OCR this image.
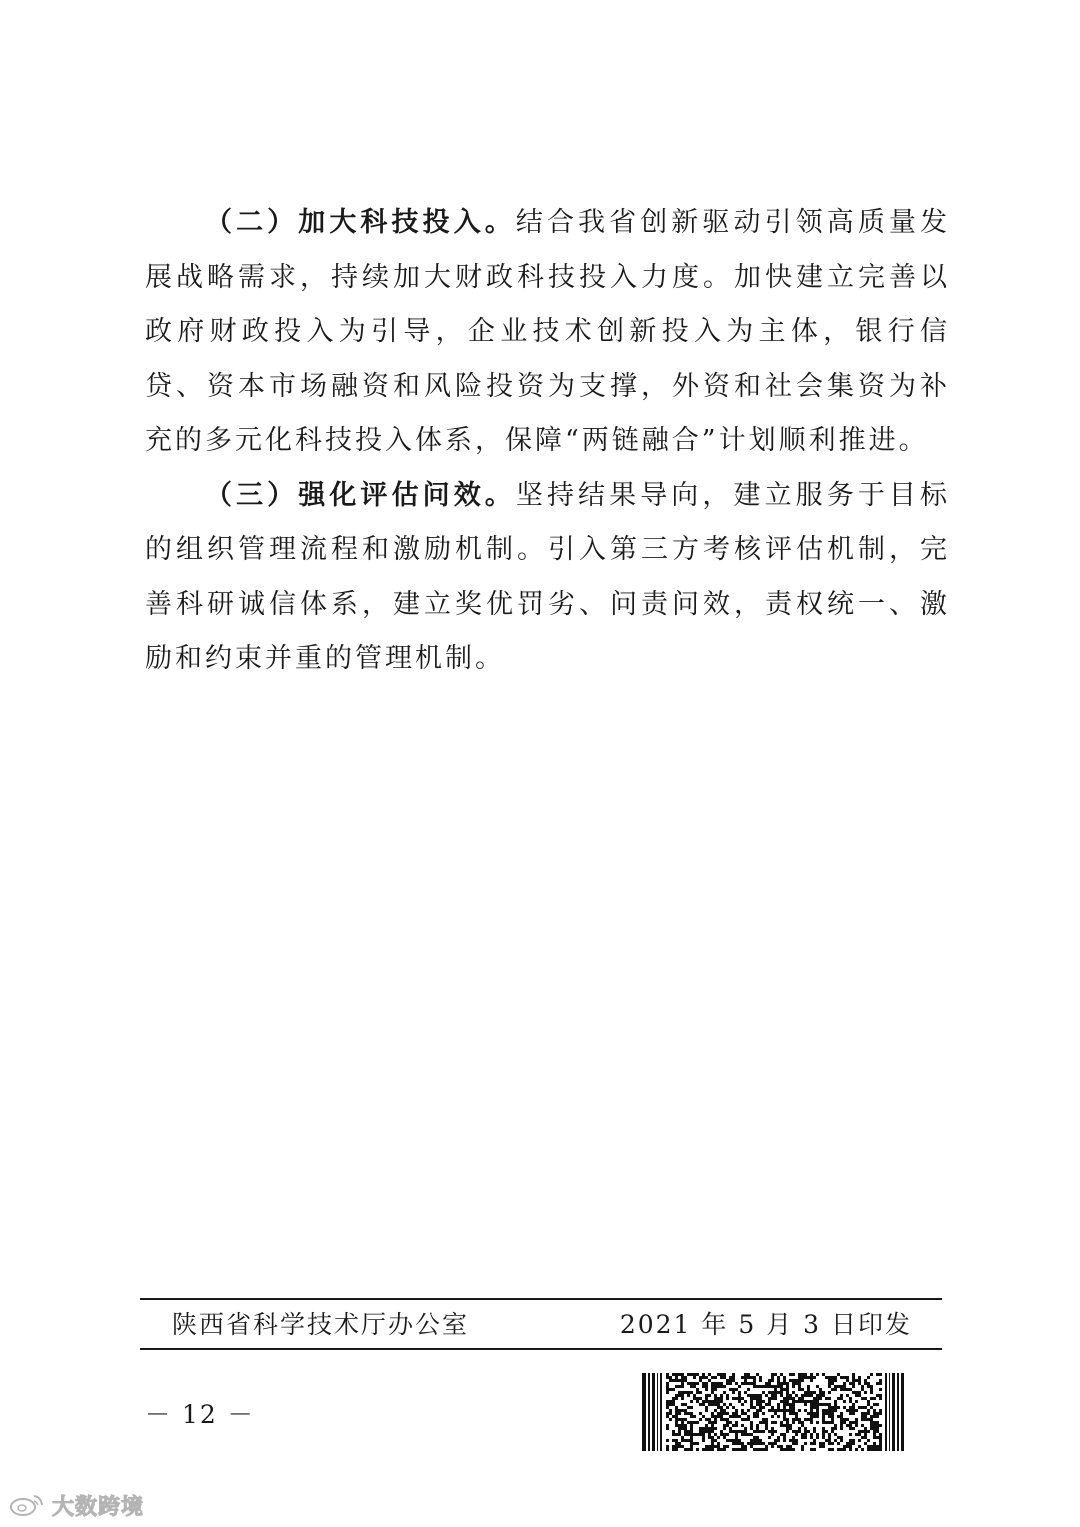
（二）加大科技投入。结合我省创新驱动引领高质量发展战略需求，持续加大财政科技投入力度。加快建立完善以政府财政投入为引导，企业技术创新投入为主体，银行信贷、资本市场融资和风险投资为支撑，外资和社会集资为补充的多元化科技投入体系，保障“两链融合”计划顺利推进。

（三）强化评估问效。坚持结果导向，建立服务于目标的组织管理流程和激励机制。引入第三方考核评估机制，完善科研诚信体系，建立奖优罚劣、问责问效，责权统一、激励和约束并重的管理机制。

陕西省科学技术厅办公室	2021 年 5 月 3 日印发
－ 12 －
大数跨境
